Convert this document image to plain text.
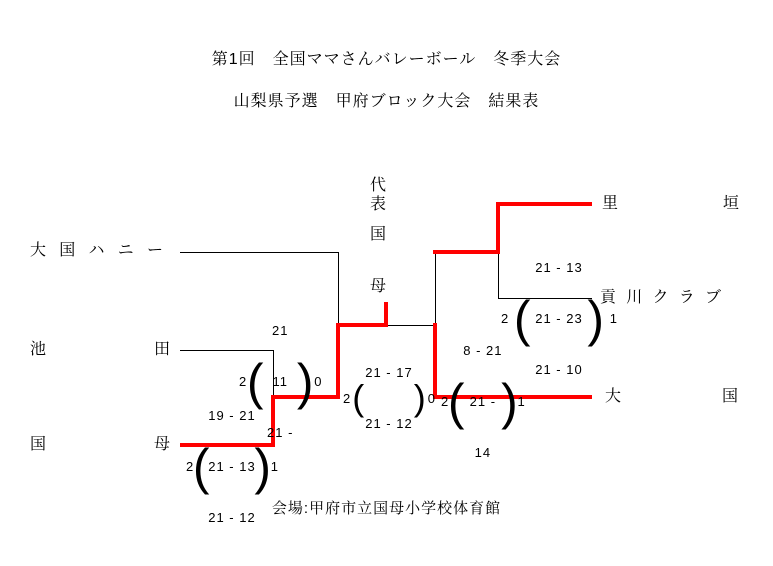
第1回　全国ママさんバレーボール　冬季大会
山梨県予選　甲府ブロック大会　結果表
大 国 ハ ニ ー
池	田
国	母
里	垣
貢 川 ク ラ ブ
大	国
代
表
国
母
2 (

19 - 21

21 - 13

21 - 12

) 1
2 (

21

11

21 -

) 0
2 (

21 - 17

21 - 12

) 0 2 (

8 - 21

21 -

14

) 1
2 (

21 - 13

21 - 23

21 - 10

) 1
会場:甲府市立国母小学校体育館
